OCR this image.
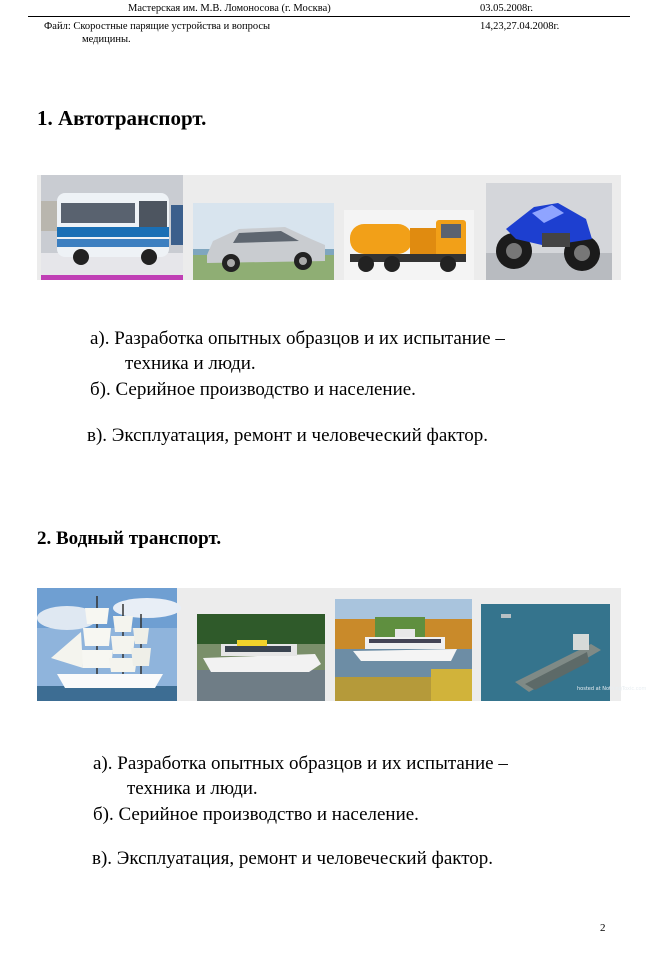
Мастерская им. М.В. Ломоносова (г. Москва)	03.05.2008г.
Файл: Скоростные парящие устройства и вопросы
медицины.
14,23,27.04.2008г.
1. Автотранспорт.
а). Разработка опытных образцов и их испытание –
техника и люди.
б). Серийное производство и население.
в). Эксплуатация, ремонт и человеческий фактор.
2. Водный транспорт.
hosted at NothingToxic.com
а). Разработка опытных образцов и их испытание –
техника и люди.
б). Серийное производство и население.
в). Эксплуатация, ремонт и человеческий фактор.
2
